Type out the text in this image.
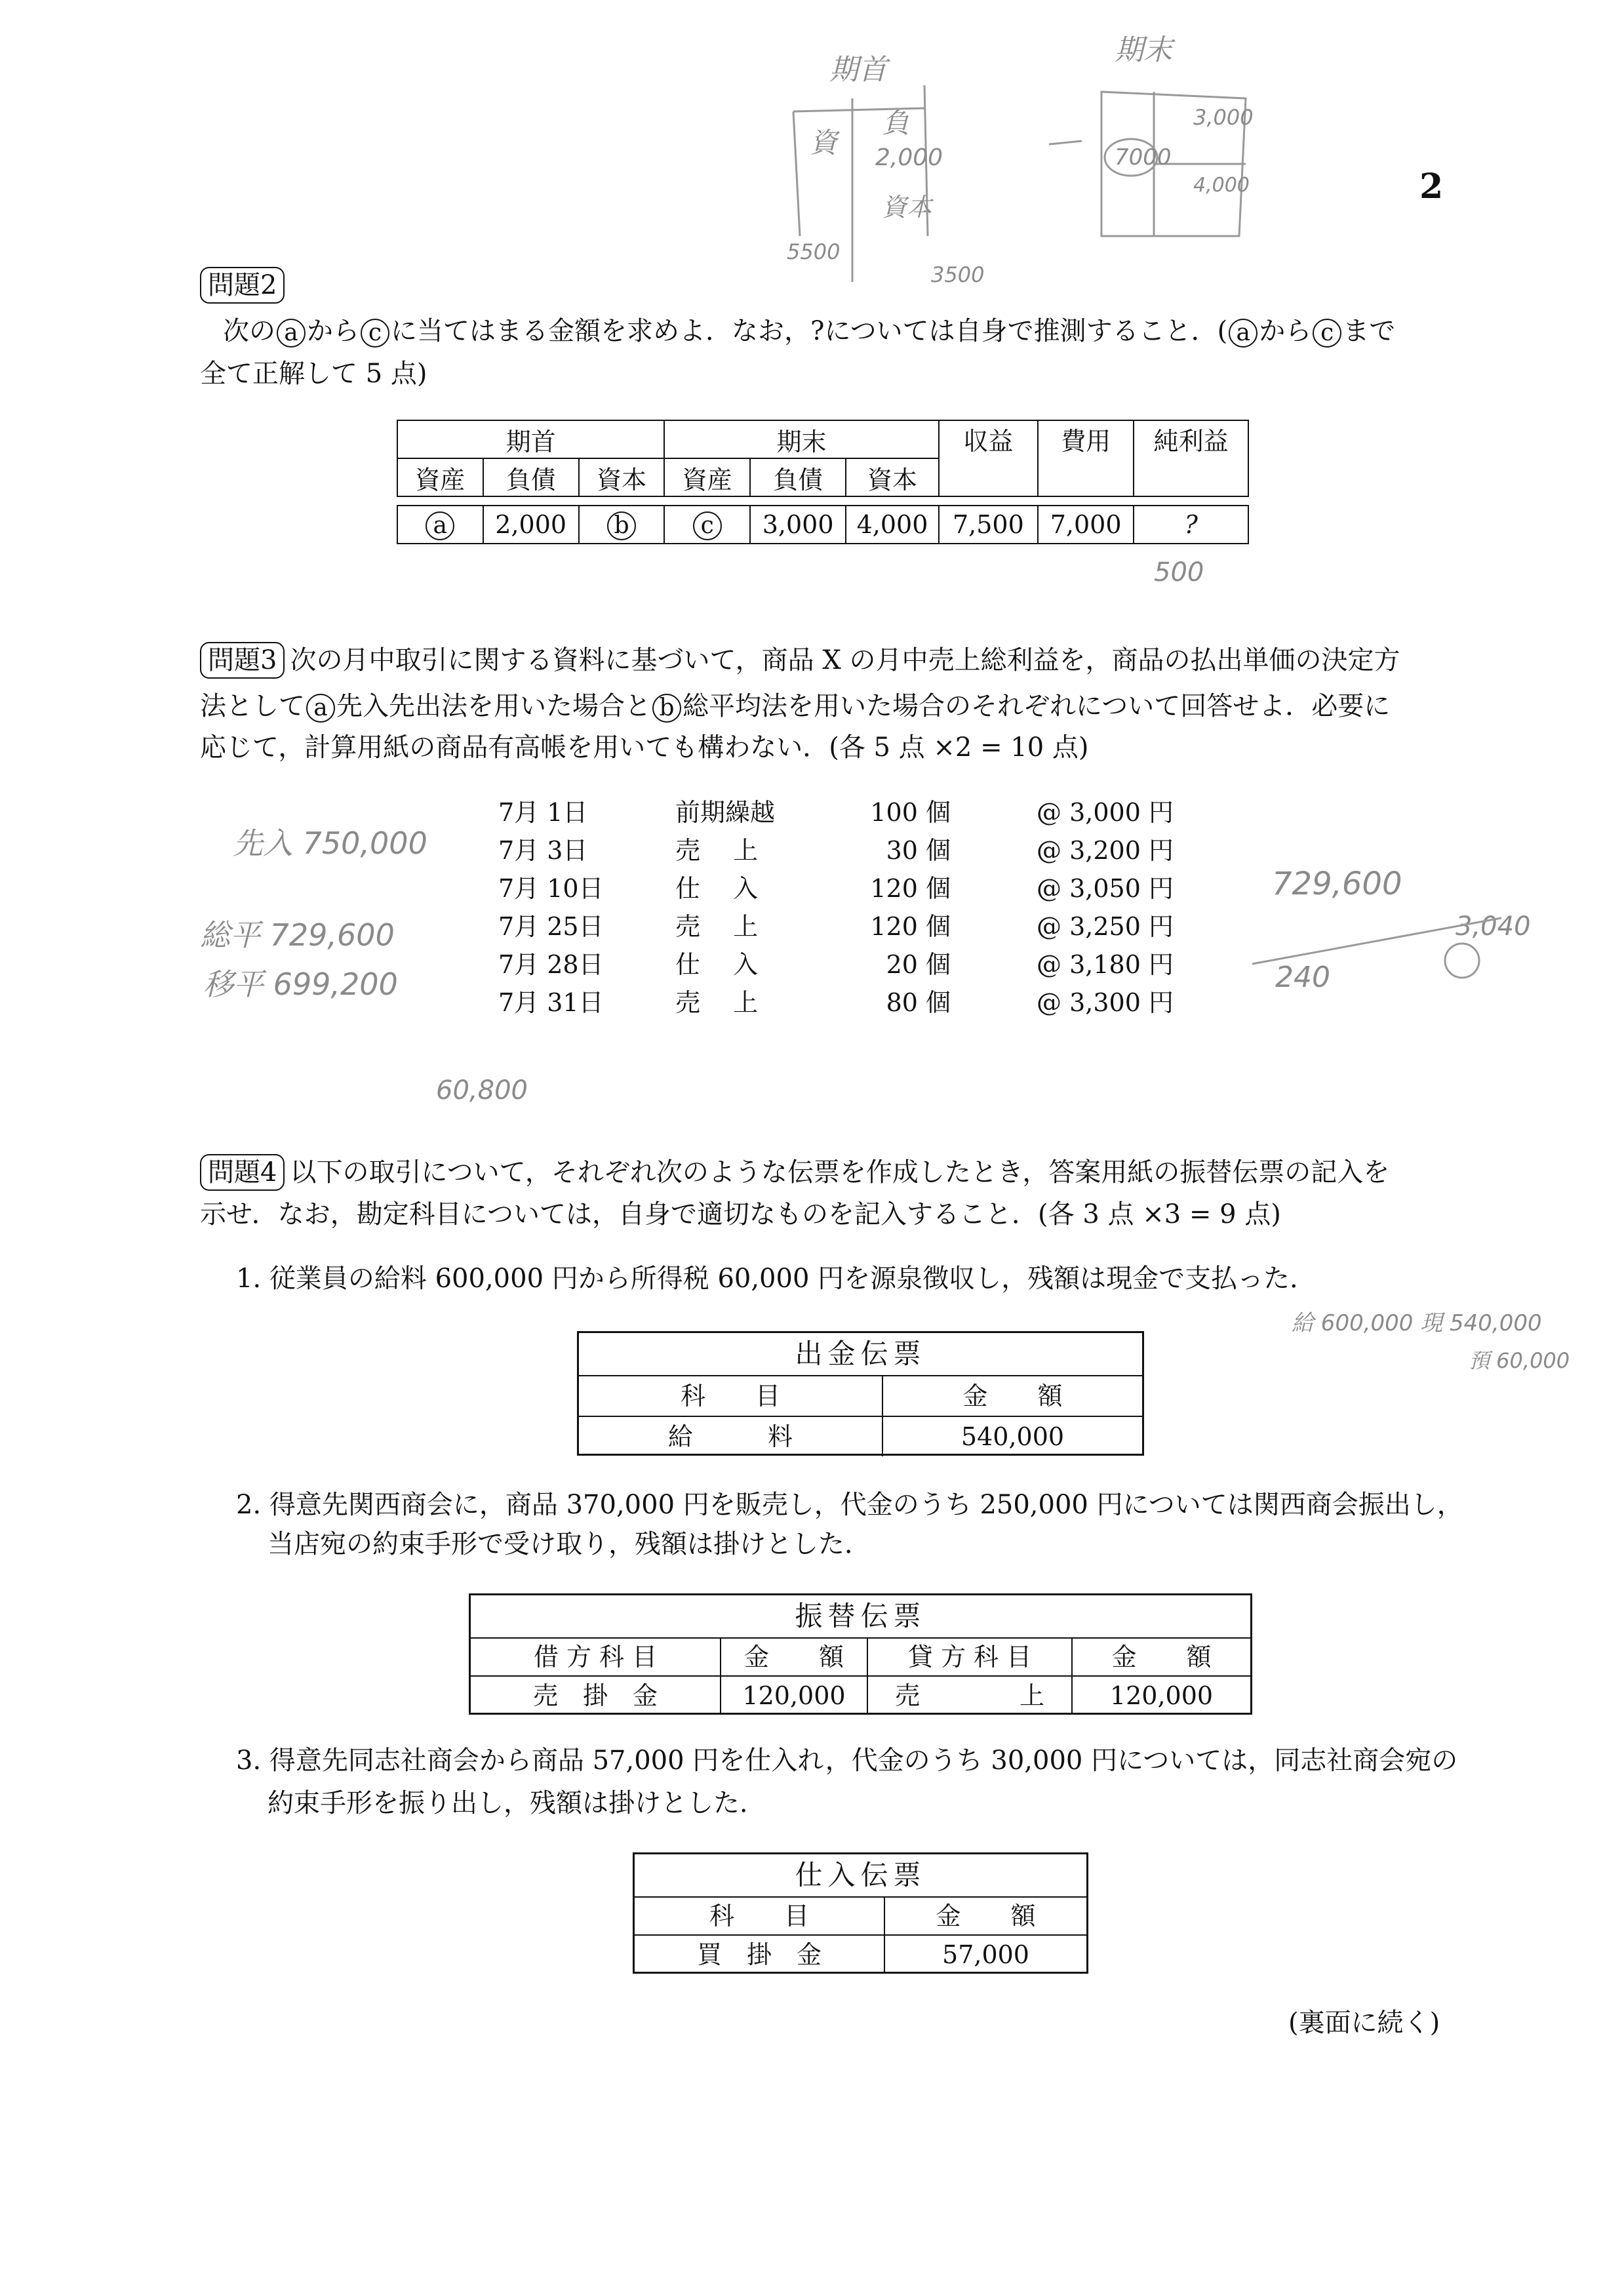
2
期首
期末
資
負
2,000
資本
5500
3500
7000
3,000
4,000
問題2
次の a から c に当てはまる金額を求めよ．なお，?については自身で推測すること．( a から c まで
全て正解して 5 点)
期首			期末			収益	費用	純利益
資産	負債	資本	資産	負債	資本			

a	2,000	b	c	3,000	4,000	7,500	7,000	?
500
問題3 次の月中取引に関する資料に基づいて，商品 X の月中売上総利益を，商品の払出単価の決定方
法として a 先入先出法を用いた場合と b 総平均法を用いた場合のそれぞれについて回答せよ．必要に
応じて，計算用紙の商品有高帳を用いても構わない．(各 5 点 ×2 = 10 点)
7月 1日	前期繰越	100 個	@ 3,000 円
7月 3日	売　 上	30 個	@ 3,200 円
7月 10日	仕　 入	120 個	@ 3,050 円
7月 25日	売　 上	120 個	@ 3,250 円
7月 28日	仕　 入	20 個	@ 3,180 円
7月 31日	売　 上	80 個	@ 3,300 円
先入 750,000
総平 729,600
移平 699,200
60,800
729,600
240
3,040
問題4 以下の取引について，それぞれ次のような伝票を作成したとき，答案用紙の振替伝票の記入を
示せ．なお，勘定科目については，自身で適切なものを記入すること．(各 3 点 ×3 = 9 点)
1. 従業員の給料 600,000 円から所得税 60,000 円を源泉徴収し，残額は現金で支払った．
給 600,000 現 540,000
預 60,000
出金伝票
科　　目	金　　額
給　　　料	540,000
2. 得意先関西商会に，商品 370,000 円を販売し，代金のうち 250,000 円については関西商会振出し，
当店宛の約束手形で受け取り，残額は掛けとした．
振替伝票
借 方 科 目	金　　額	貸 方 科 目	金　　額
売　掛　金	120,000	売　　　　上	120,000
3. 得意先同志社商会から商品 57,000 円を仕入れ，代金のうち 30,000 円については，同志社商会宛の
約束手形を振り出し，残額は掛けとした．
仕入伝票
科　　目	金　　額
買　掛　金	57,000
(裏面に続く)
